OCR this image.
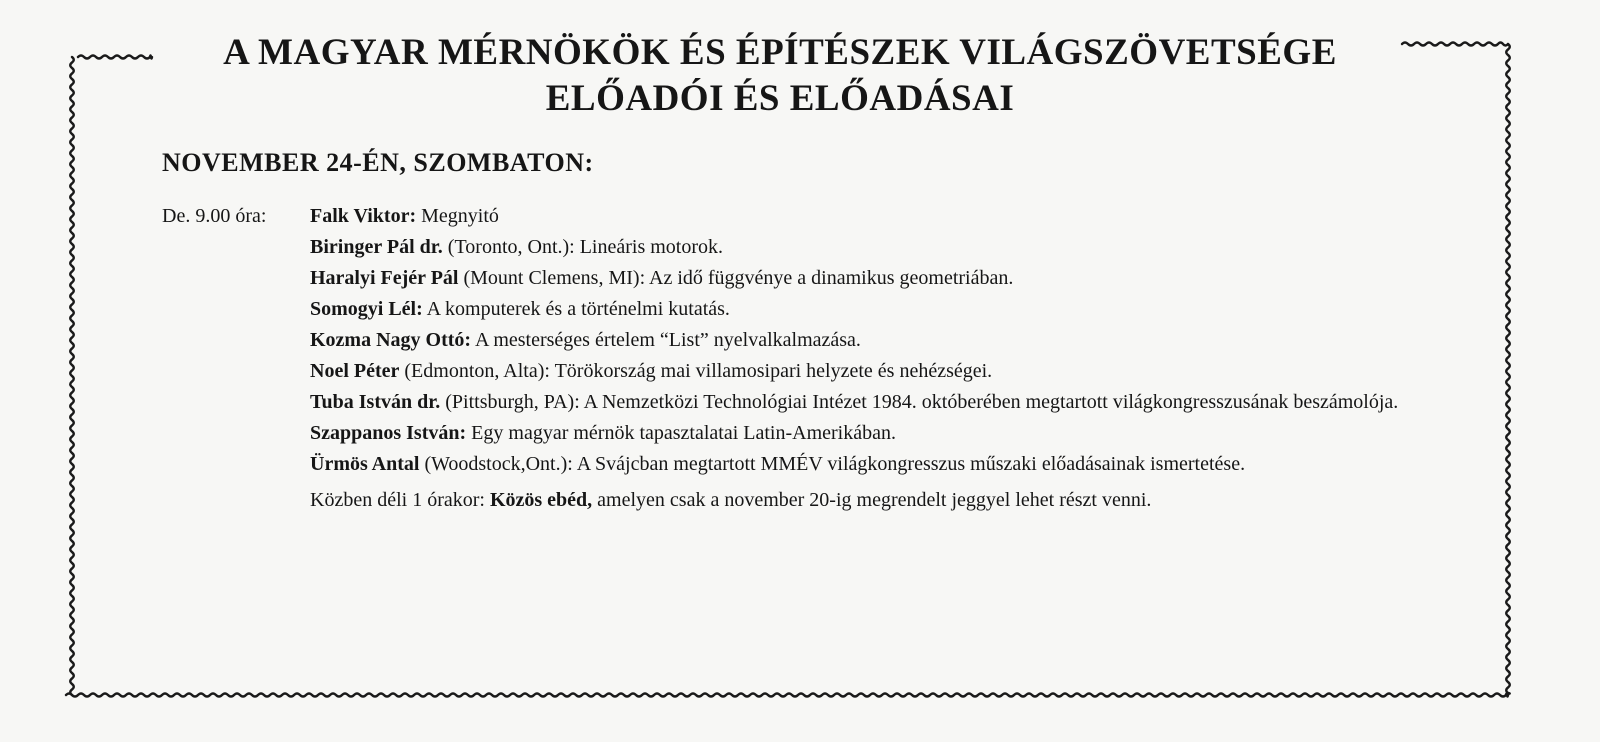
A MAGYAR MÉRNÖKÖK ÉS ÉPÍTÉSZEK VILÁGSZÖVETSÉGE
ELŐADÓI ÉS ELŐADÁSAI
NOVEMBER 24-ÉN, SZOMBATON:
De. 9.00 óra: Falk Viktor: Megnyitó
Biringer Pál dr. (Toronto, Ont.): Lineáris motorok.
Haralyi Fejér Pál (Mount Clemens, MI): Az idő függvénye a dinamikus geometriában.
Somogyi Lél: A komputerek és a történelmi kutatás.
Kozma Nagy Ottó: A mesterséges értelem “List” nyelvalkalmazása.
Noel Péter (Edmonton, Alta): Törökország mai villamosipari helyzete és nehézségei.
Tuba István dr. (Pittsburgh, PA): A Nemzetközi Technológiai Intézet 1984. októberében megtartott világkongresszusának beszámolója.
Szappanos István: Egy magyar mérnök tapasztalatai Latin-Amerikában.
Ürmös Antal (Woodstock,Ont.): A Svájcban megtartott MMÉV világkongresszus műszaki előadásainak ismertetése.
Közben déli 1 órakor: Közös ebéd, amelyen csak a november 20-ig megrendelt jeggyel lehet részt venni.
